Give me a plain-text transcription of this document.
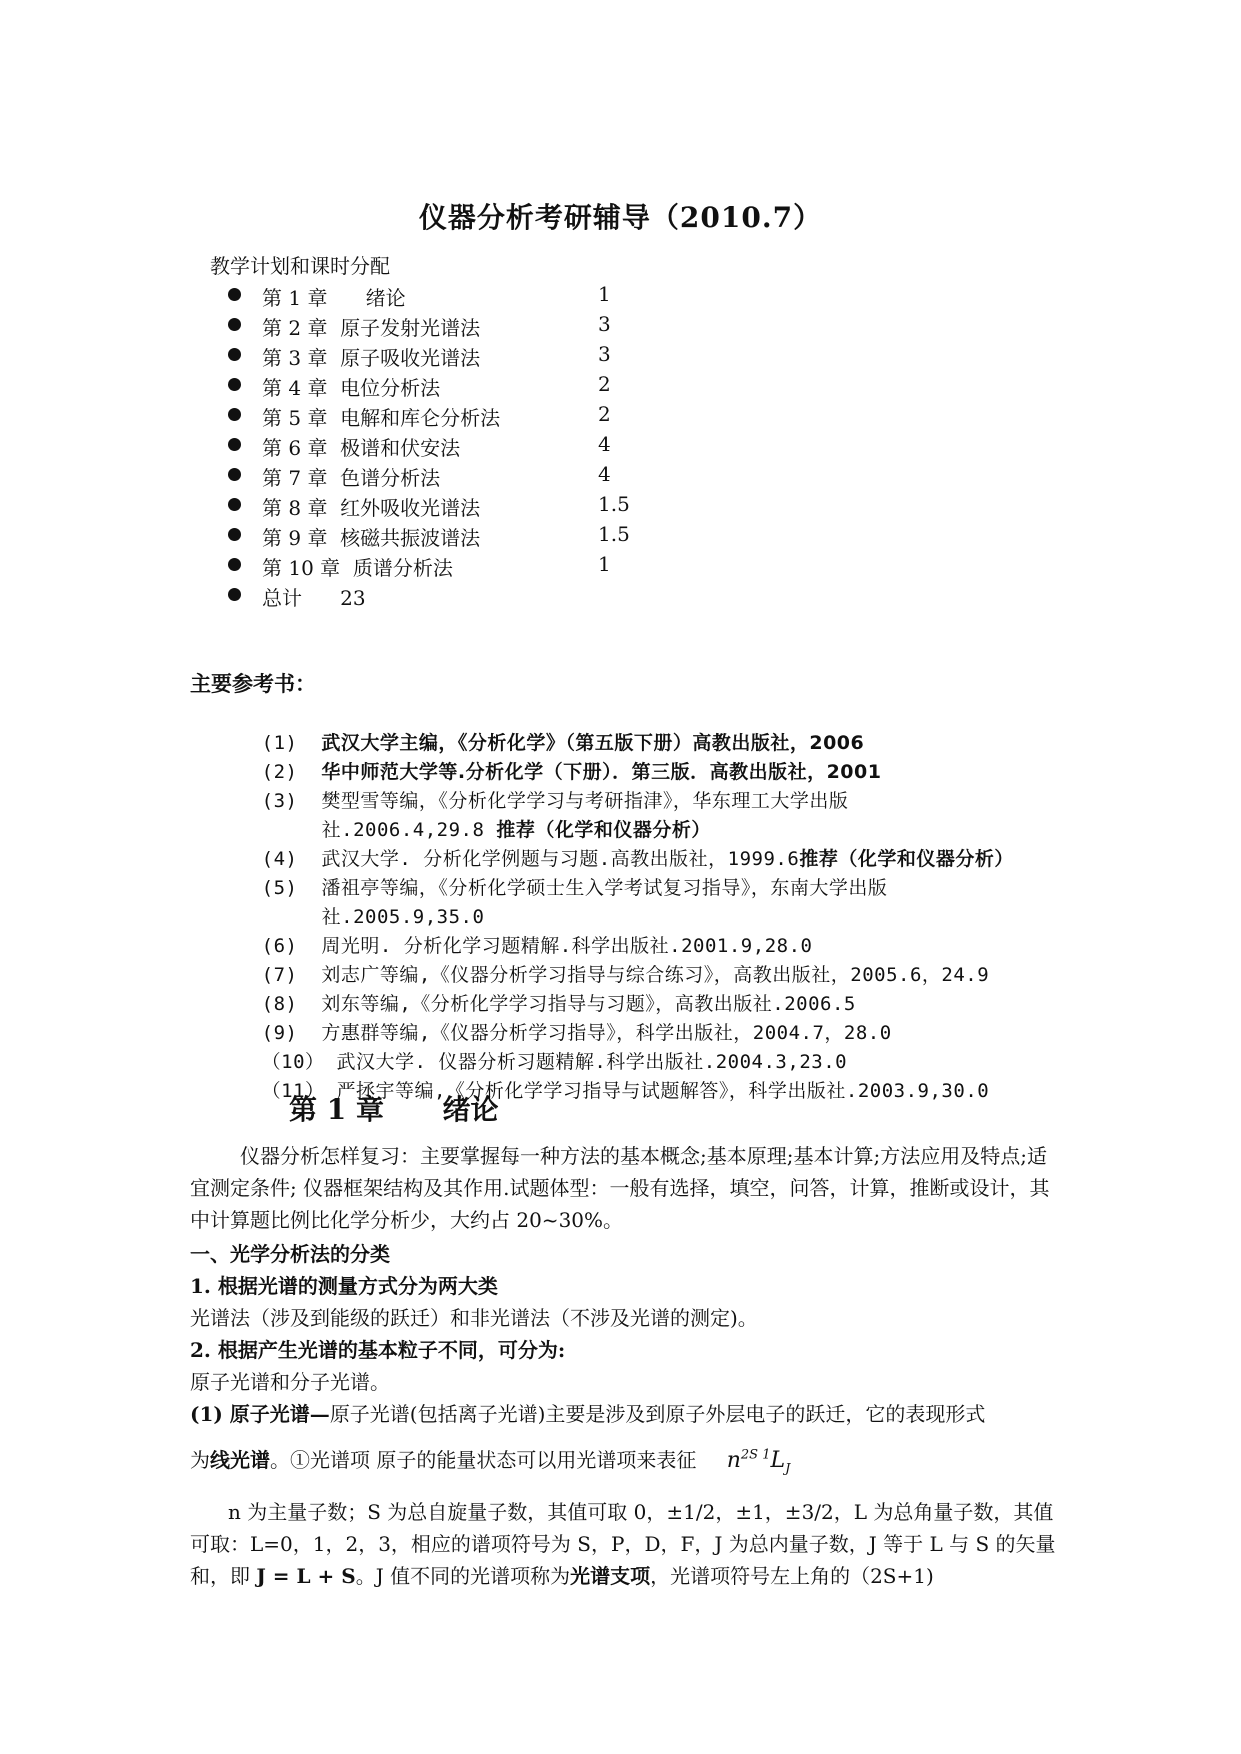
仪器分析考研辅导（2010.7）
教学计划和课时分配
第 1 章      绪论	1
第 2 章  原子发射光谱法	3
第 3 章  原子吸收光谱法	3
第 4 章  电位分析法	2
第 5 章  电解和库仑分析法	2
第 6 章  极谱和伏安法	4
第 7 章  色谱分析法	4
第 8 章  红外吸收光谱法	1.5
第 9 章  核磁共振波谱法	1.5
第 10 章  质谱分析法	1
总计      23
主要参考书：

(1) 武汉大学主编，《分析化学》（第五版下册）高教出版社，2006

(2) 华中师范大学等.分析化学（下册）．第三版．高教出版社，2001

(3) 樊型雪等编，《分析化学学习与考研指津》，华东理工大学出版

社.2006.4,29.8 推荐（化学和仪器分析）

(4) 武汉大学. 分析化学例题与习题.高教出版社，1999.6推荐（化学和仪器分析）

(5) 潘祖亭等编，《分析化学硕士生入学考试复习指导》，东南大学出版

社.2005.9,35.0

(6) 周光明. 分析化学习题精解.科学出版社.2001.9,28.0

(7) 刘志广等编,《仪器分析学习指导与综合练习》，高教出版社，2005.6，24.9

(8) 刘东等编,《分析化学学习指导与习题》，高教出版社.2006.5

(9) 方惠群等编,《仪器分析学习指导》，科学出版社，2004.7，28.0

（10） 武汉大学. 仪器分析习题精解.科学出版社.2004.3,23.0

（11） 严拯宇等编,《分析化学学习指导与试题解答》，科学出版社.2003.9,30.0

第 1 章      绪论
仪器分析怎样复习：主要掌握每一种方法的基本概念;基本原理;基本计算;方法应用及特点;适宜测定条件; 仪器框架结构及其作用.试题体型：一般有选择，填空，问答，计算，推断或设计，其中计算题比例比化学分析少，大约占 20~30%。
一、光学分析法的分类
1. 根据光谱的测量方式分为两大类
光谱法（涉及到能级的跃迁）和非光谱法（不涉及光谱的测定)。
2. 根据产生光谱的基本粒子不同，可分为:
原子光谱和分子光谱。
(1) 原子光谱—原子光谱(包括离子光谱)主要是涉及到原子外层电子的跃迁，它的表现形式
为线光谱。①光谱项 原子的能量状态可以用光谱项来表征 $n^{2S 1}L_J$
n 为主量子数；S 为总自旋量子数，其值可取 0，±1/2，±1，±3/2，L 为总角量子数，其值可取：L=0，1，2，3，相应的谱项符号为 S，P，D，F，J 为总内量子数，J 等于 L 与 S 的矢量和，即 J = L + S。J 值不同的光谱项称为光谱支项，光谱项符号左上角的（2S+1)
